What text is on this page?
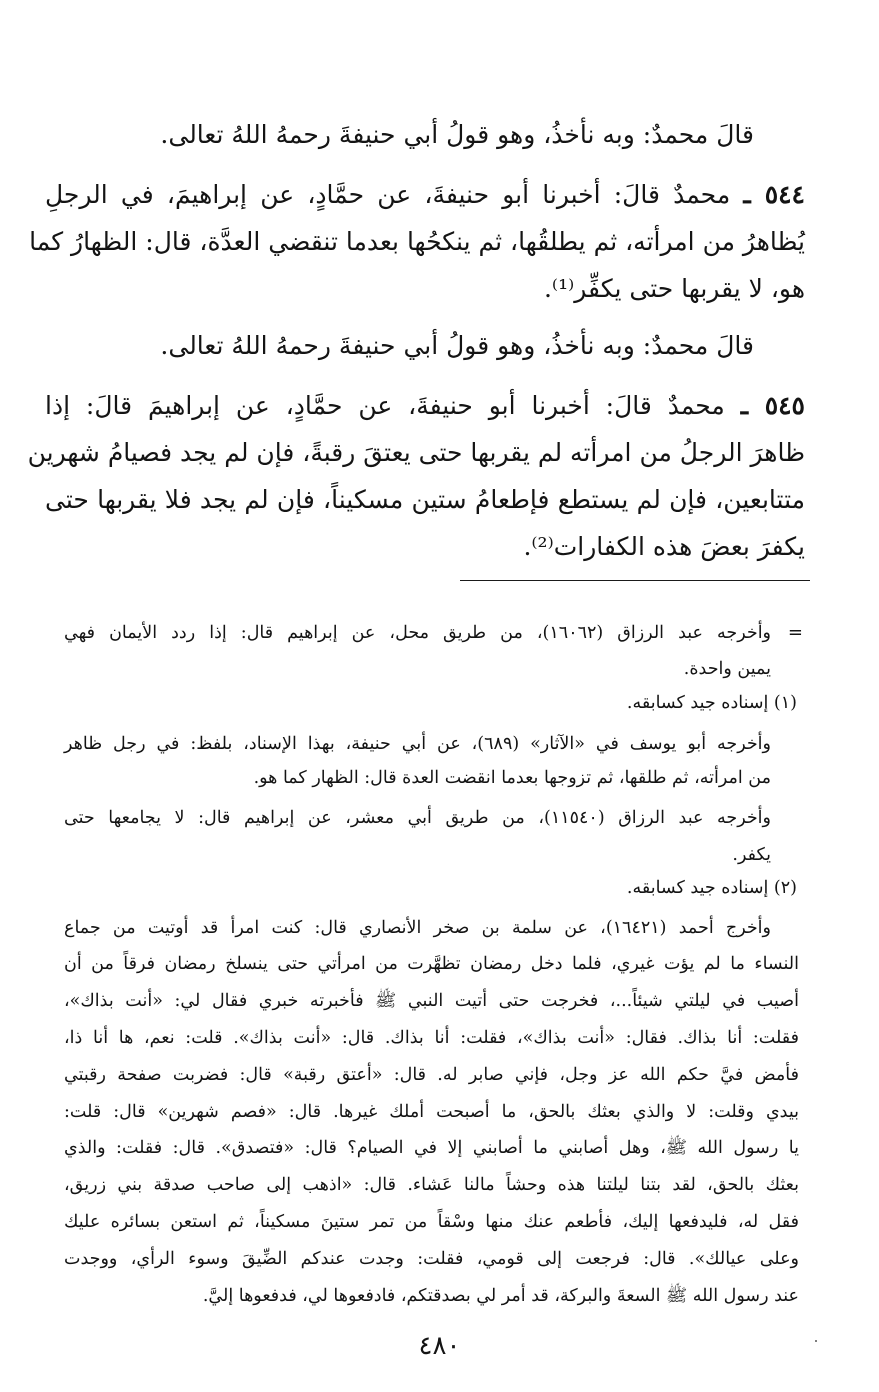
قالَ محمدٌ: وبه نأخذُ، وهو قولُ أبي حنيفةَ رحمهُ اللهُ تعالى.
٥٤٤ ـ محمدٌ قالَ: أخبرنا أبو حنيفةَ، عن حمَّادٍ، عن إبراهيمَ، في الرجلِ
يُظاهرُ من امرأته، ثم يطلقُها، ثم ينكحُها بعدما تنقضي العدَّة، قال: الظهارُ كما
هو، لا يقربها حتى يكفِّر⁽¹⁾.
قالَ محمدٌ: وبه نأخذُ، وهو قولُ أبي حنيفةَ رحمهُ اللهُ تعالى.
٥٤٥ ـ محمدٌ قالَ: أخبرنا أبو حنيفةَ، عن حمَّادٍ، عن إبراهيمَ قالَ: إذا
ظاهرَ الرجلُ من امرأته لم يقربها حتى يعتقَ رقبةً، فإن لم يجد فصيامُ شهرين
متتابعين، فإن لم يستطع فإطعامُ ستين مسكيناً، فإن لم يجد فلا يقربها حتى
يكفرَ بعضَ هذه الكفارات⁽²⁾.
=
وأخرجه عبد الرزاق (١٦٠٦٢)، من طريق محل، عن إبراهيم قال: إذا ردد الأيمان فهي
يمين واحدة.
(١) إسناده جيد كسابقه.
وأخرجه أبو يوسف في «الآثار» (٦٨٩)، عن أبي حنيفة، بهذا الإسناد، بلفظ: في رجل ظاهر
من امرأته، ثم طلقها، ثم تزوجها بعدما انقضت العدة قال: الظهار كما هو.
وأخرجه عبد الرزاق (١١٥٤٠)، من طريق أبي معشر، عن إبراهيم قال: لا يجامعها حتى
يكفر.
(٢) إسناده جيد كسابقه.
وأخرج أحمد (١٦٤٢١)، عن سلمة بن صخر الأنصاري قال: كنت امرأ قد أوتيت من جماع
النساء ما لم يؤت غيري، فلما دخل رمضان تظهَّرت من امرأتي حتى ينسلخ رمضان فرقاً من أن
أصيب في ليلتي شيئاً...، فخرجت حتى أتيت النبي ﷺ فأخبرته خبري فقال لي: «أنت بذاك»،
فقلت: أنا بذاك. فقال: «أنت بذاك»، فقلت: أنا بذاك. قال: «أنت بذاك». قلت: نعم، ها أنا ذا،
فأمض فيَّ حكم الله عز وجل، فإني صابر له. قال: «أعتق رقبة» قال: فضربت صفحة رقبتي
بيدي وقلت: لا والذي بعثك بالحق، ما أصبحت أملك غيرها. قال: «فصم شهرين» قال: قلت:
يا رسول الله ﷺ، وهل أصابني ما أصابني إلا في الصيام؟ قال: «فتصدق». قال: فقلت: والذي
بعثك بالحق، لقد بتنا ليلتنا هذه وحشاً مالنا عَشاء. قال: «اذهب إلى صاحب صدقة بني زريق،
فقل له، فليدفعها إليك، فأطعم عنك منها وسْقاً من تمر ستينَ مسكيناً، ثم استعن بسائره عليك
وعلى عيالك». قال: فرجعت إلى قومي، فقلت: وجدت عندكم الضِّيقَ وسوء الرأي، ووجدت
عند رسول الله ﷺ السعةَ والبركة، قد أمر لي بصدقتكم، فادفعوها لي، فدفعوها إليَّ.
٤٨٠
